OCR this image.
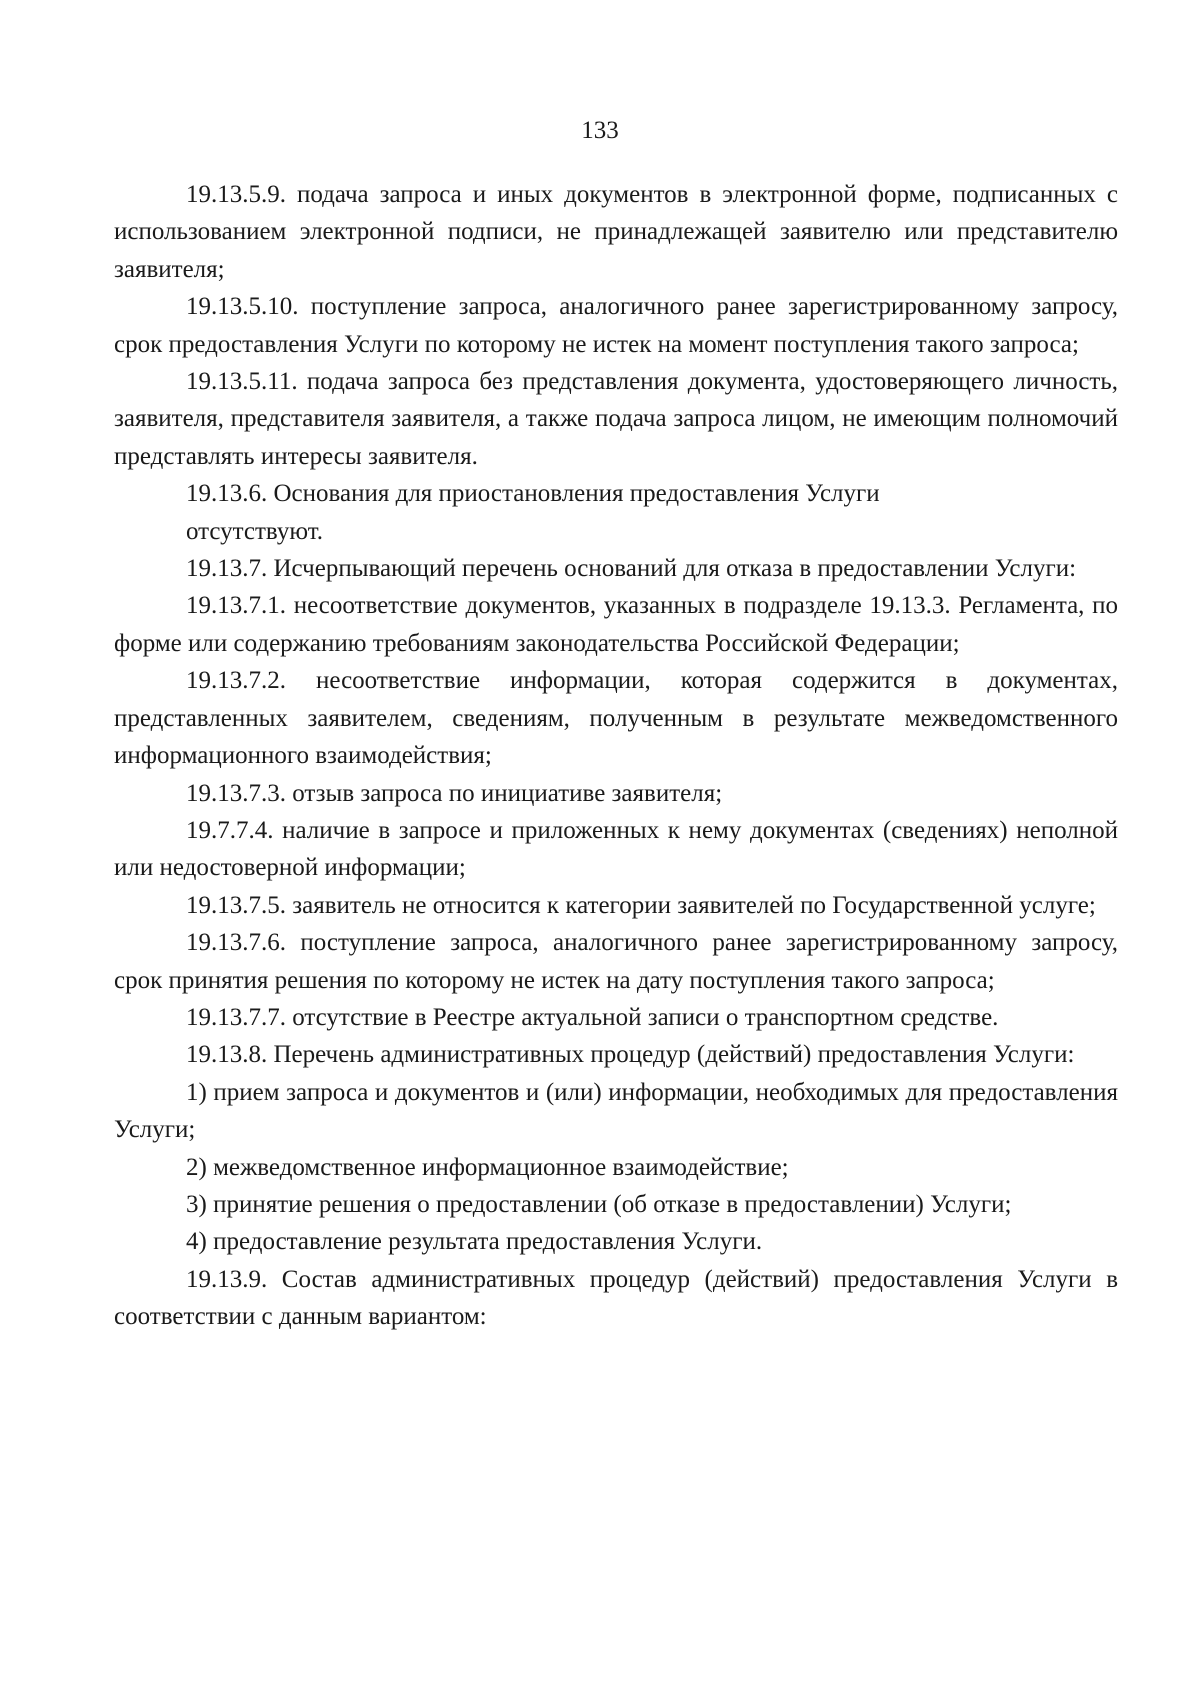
133

19.13.5.9. подача запроса и иных документов в электронной форме, подписанных с использованием электронной подписи, не принадлежащей заявителю или представителю заявителя;

19.13.5.10. поступление запроса, аналогичного ранее зарегистрированному запросу, срок предоставления Услуги по которому не истек на момент поступления такого запроса;

19.13.5.11. подача запроса без представления документа, удостоверяющего личность, заявителя, представителя заявителя, а также подача запроса лицом, не имеющим полномочий представлять интересы заявителя.

19.13.6. Основания для приостановления предоставления Услуги

отсутствуют.

19.13.7. Исчерпывающий перечень оснований для отказа в предоставлении Услуги:

19.13.7.1. несоответствие документов, указанных в подразделе 19.13.3. Регламента, по форме или содержанию требованиям законодательства Российской Федерации;

19.13.7.2. несоответствие информации, которая содержится в документах, представленных заявителем, сведениям, полученным в результате межведомственного информационного взаимодействия;

19.13.7.3. отзыв запроса по инициативе заявителя;

19.7.7.4. наличие в запросе и приложенных к нему документах (сведениях) неполной или недостоверной информации;

19.13.7.5. заявитель не относится к категории заявителей по Государственной услуге;

19.13.7.6. поступление запроса, аналогичного ранее зарегистрированному запросу, срок принятия решения по которому не истек на дату поступления такого запроса;

19.13.7.7. отсутствие в Реестре актуальной записи о транспортном средстве.

19.13.8. Перечень административных процедур (действий) предоставления Услуги:

1) прием запроса и документов и (или) информации, необходимых для предоставления Услуги;

2) межведомственное информационное взаимодействие;

3) принятие решения о предоставлении (об отказе в предоставлении) Услуги;

4) предоставление результата предоставления Услуги.

19.13.9. Состав административных процедур (действий) предоставления Услуги в соответствии с данным вариантом:
